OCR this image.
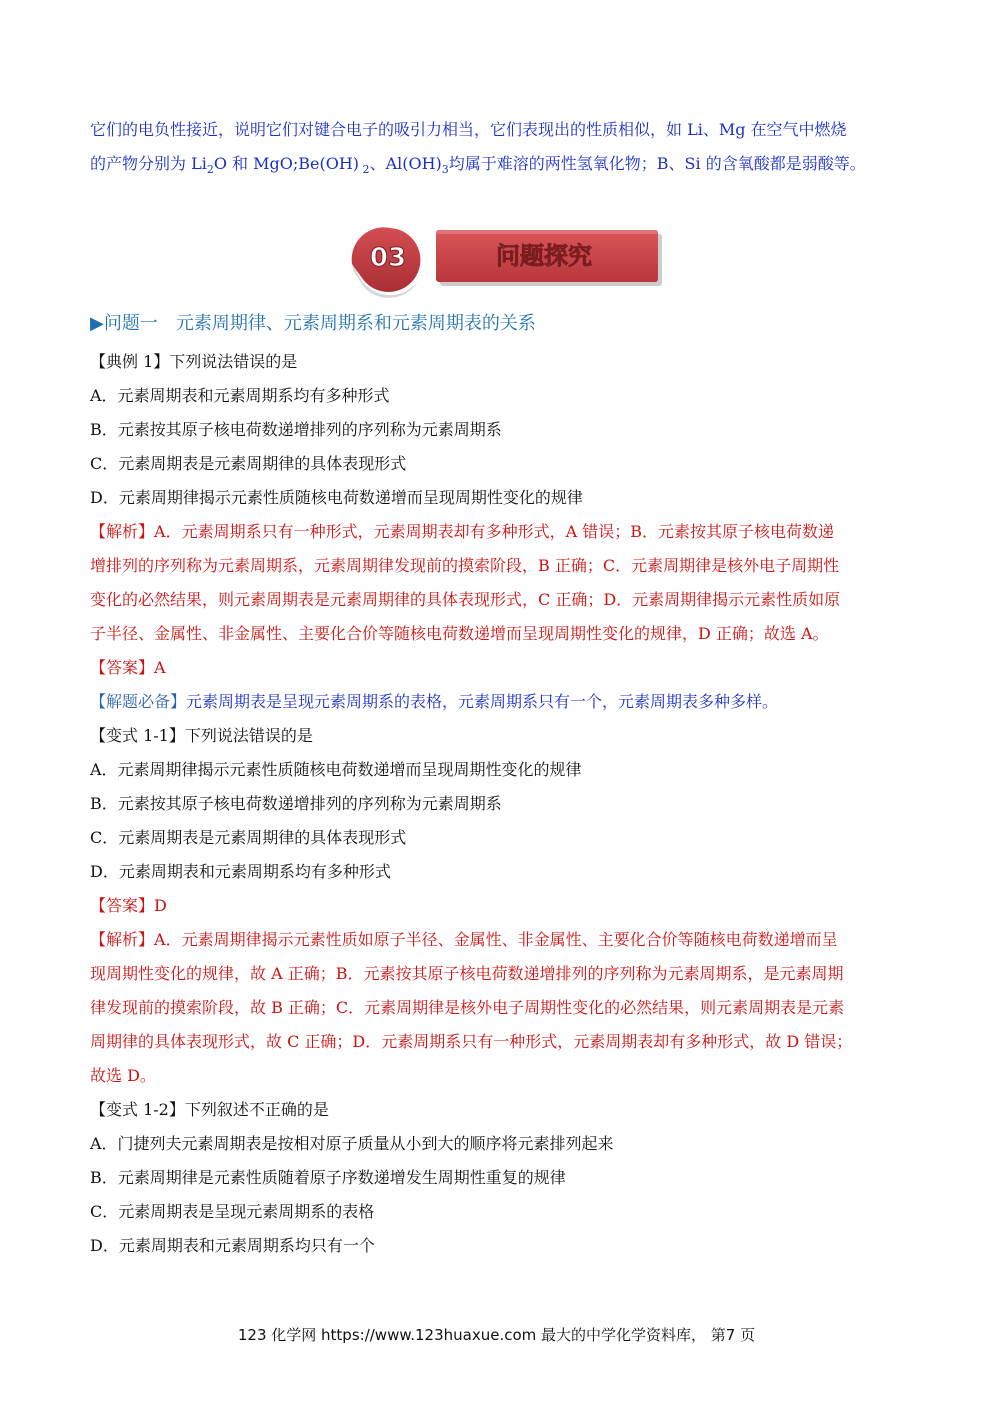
它们的电负性接近，说明它们对键合电子的吸引力相当，它们表现出的性质相似，如 Li、Mg 在空气中燃烧
的产物分别为 $Li_2O$ 和 MgO;Be(OH) $_2$、$Al(OH)_3$均属于难溶的两性氢氧化物；B、Si 的含氧酸都是弱酸等。
03	问题探究
▶问题一　元素周期律、元素周期系和元素周期表的关系
【典例 1】下列说法错误的是
A．元素周期表和元素周期系均有多种形式
B．元素按其原子核电荷数递增排列的序列称为元素周期系
C．元素周期表是元素周期律的具体表现形式
D．元素周期律揭示元素性质随核电荷数递增而呈现周期性变化的规律
【解析】A．元素周期系只有一种形式，元素周期表却有多种形式，A 错误；B．元素按其原子核电荷数递
增排列的序列称为元素周期系，元素周期律发现前的摸索阶段，B 正确；C．元素周期律是核外电子周期性
变化的必然结果，则元素周期表是元素周期律的具体表现形式，C 正确；D．元素周期律揭示元素性质如原
子半径、金属性、非金属性、主要化合价等随核电荷数递增而呈现周期性变化的规律，D 正确；故选 A。
【答案】A
【解题必备】元素周期表是呈现元素周期系的表格，元素周期系只有一个，元素周期表多种多样。
【变式 1-1】下列说法错误的是
A．元素周期律揭示元素性质随核电荷数递增而呈现周期性变化的规律
B．元素按其原子核电荷数递增排列的序列称为元素周期系
C．元素周期表是元素周期律的具体表现形式
D．元素周期表和元素周期系均有多种形式
【答案】D
【解析】A．元素周期律揭示元素性质如原子半径、金属性、非金属性、主要化合价等随核电荷数递增而呈
现周期性变化的规律，故 A 正确；B．元素按其原子核电荷数递增排列的序列称为元素周期系，是元素周期
律发现前的摸索阶段，故 B 正确；C．元素周期律是核外电子周期性变化的必然结果，则元素周期表是元素
周期律的具体表现形式，故 C 正确；D．元素周期系只有一种形式，元素周期表却有多种形式，故 D 错误；
故选 D。
【变式 1-2】下列叙述不正确的是
A．门捷列夫元素周期表是按相对原子质量从小到大的顺序将元素排列起来
B．元素周期律是元素性质随着原子序数递增发生周期性重复的规律
C．元素周期表是呈现元素周期系的表格
D．元素周期表和元素周期系均只有一个
123 化学网 https://www.123huaxue.com 最大的中学化学资料库， 第7 页
